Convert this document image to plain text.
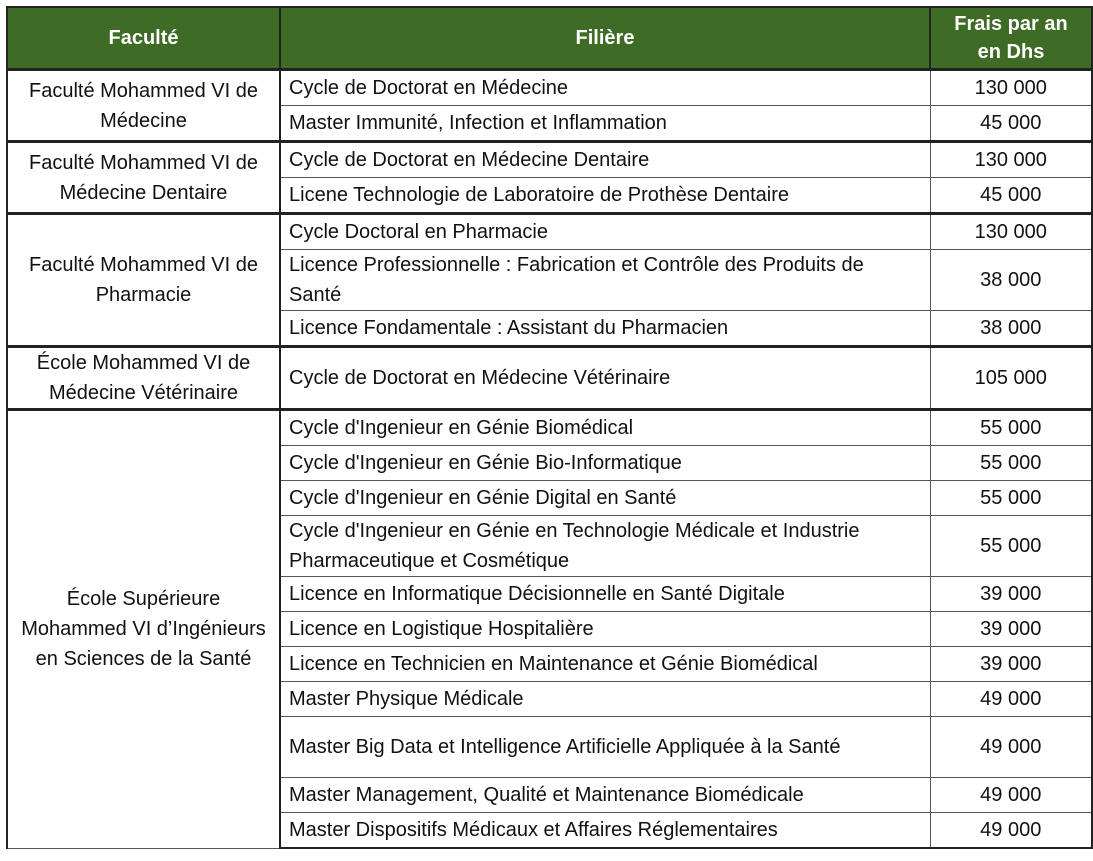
Faculté	Filière	Frais par an
en Dhs
Faculté Mohammed VI de Médecine	Cycle de Doctorat en Médecine	130 000
	Master Immunité, Infection et Inflammation	45 000
Faculté Mohammed VI de Médecine Dentaire	Cycle de Doctorat en Médecine Dentaire	130 000
	Licene Technologie de Laboratoire de Prothèse Dentaire	45 000
Faculté Mohammed VI de Pharmacie	Cycle Doctoral en Pharmacie	130 000
	Licence Professionnelle : Fabrication et Contrôle des Produits de Santé	38 000
	Licence Fondamentale : Assistant du Pharmacien	38 000
École Mohammed VI de Médecine Vétérinaire	Cycle de Doctorat en Médecine Vétérinaire	105 000
École Supérieure Mohammed VI d’Ingénieurs en Sciences de la Santé	Cycle d'Ingenieur en Génie Biomédical	55 000
	Cycle d'Ingenieur en Génie Bio-Informatique	55 000
	Cycle d'Ingenieur en Génie Digital en Santé	55 000
	Cycle d'Ingenieur en Génie en Technologie Médicale et Industrie Pharmaceutique et Cosmétique	55 000
	Licence en Informatique Décisionnelle en Santé Digitale	39 000
	Licence en Logistique Hospitalière	39 000
	Licence en Technicien en Maintenance et Génie Biomédical	39 000
	Master Physique Médicale	49 000
	Master Big Data et Intelligence Artificielle Appliquée à la Santé	49 000
	Master Management, Qualité et Maintenance Biomédicale	49 000
	Master Dispositifs Médicaux et Affaires Réglementaires	49 000
